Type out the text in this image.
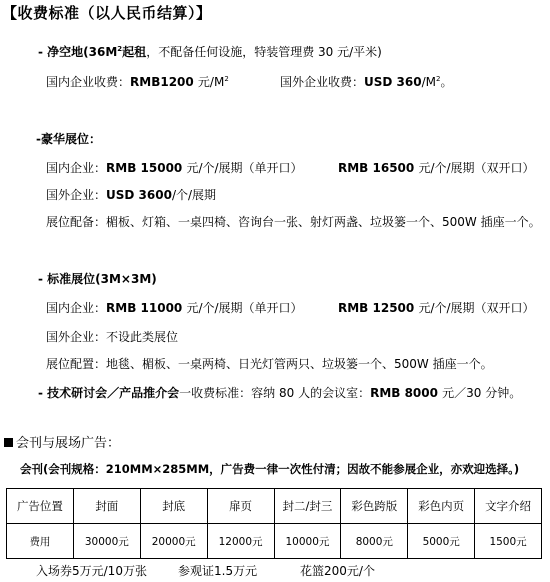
【收费标准（以人民币结算）】
- 净空地($36M^2$起租，不配备任何设施，特装管理费 30 元/平米)
国内企业收费：RMB1200 元$/M^2$	国外企业收费：USD $360/M^2$。
-豪华展位：
国内企业：RMB 15000 元/个/展期（单开口）	RMB 16500 元/个/展期（双开口）
国外企业：USD 3600/个/展期
展位配备：楣板、灯箱、一桌四椅、咨询台一张、射灯两盏、垃圾篓一个、500W 插座一个。
- 标准展位(3M×3M)
国内企业：RMB 11000 元/个/展期（单开口）	RMB 12500 元/个/展期（双开口）
国外企业：不设此类展位
展位配置：地毯、楣板、一桌两椅、日光灯管两只、垃圾篓一个、500W 插座一个。
- 技术研讨会／产品推介会一收费标准：容纳 80 人的会议室：RMB 8000 元／30 分钟。
会刊与展场广告：
会刊(会刊规格：210MM×285MM，广告费一律一次性付清；因故不能参展企业，亦欢迎选择。)
广告位置	封面	封底	扉页	封二/封三	彩色跨版	彩色内页	文字介绍
费用	30000元	20000元	12000元	10000元	8000元	5000元	1500元
入场券5万元/10万张	参观证1.5万元	花篮200元/个
